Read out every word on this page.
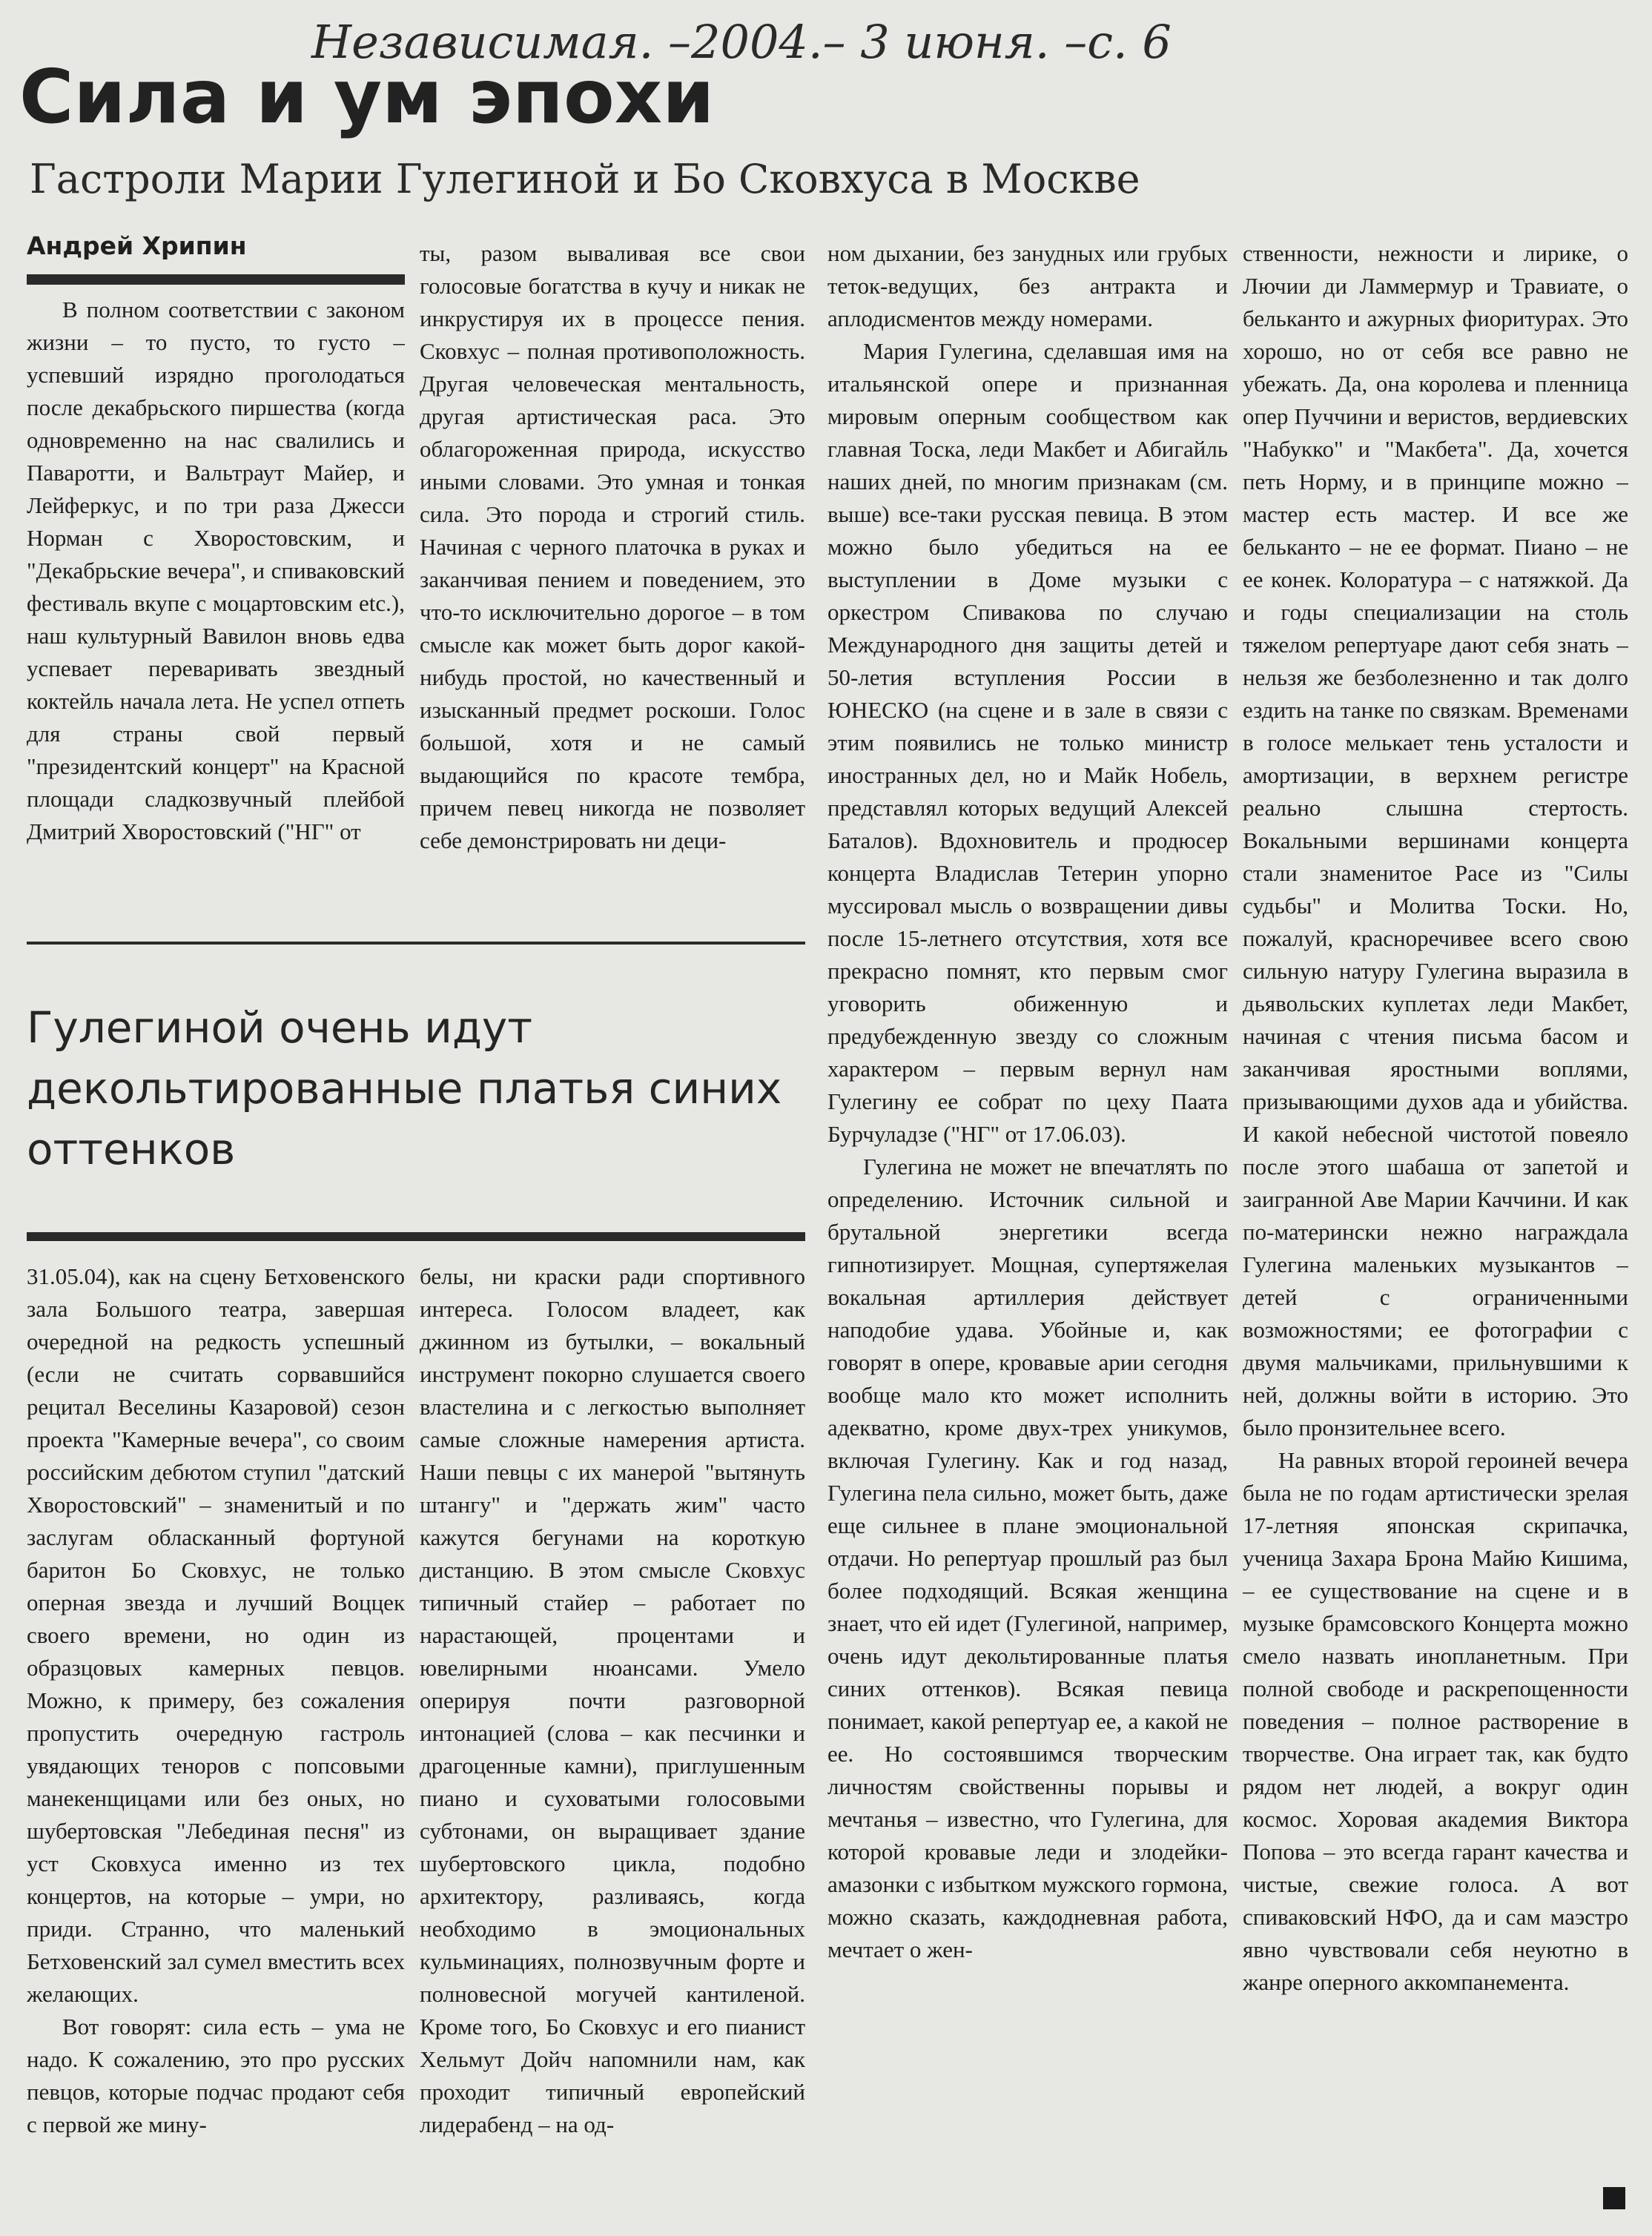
Независимая. –2004.– 3 июня. –с. 6
Сила и ум эпохи
Гастроли Марии Гулегиной и Бо Сковхуса в Москве
Андрей Хрипин

В полном соответствии с законом жизни – то пусто, то густо – успевший изрядно проголодаться после декабрьского пиршества (когда одновременно на нас свалились и Паваротти, и Вальтраут Майер, и Лейферкус, и по три раза Джесси Норман с Хворостовским, и "Декабрьские вечера", и спиваковский фестиваль вкупе с моцартовским etc.), наш культурный Вавилон вновь едва успевает переваривать звездный коктейль начала лета. Не успел отпеть для страны свой первый "президентский концерт" на Красной площади сладкозвучный плейбой Дмитрий Хворостовский ("НГ" от

ты, разом вываливая все свои голосовые богатства в кучу и никак не инкрустируя их в процессе пения. Сковхус – полная противоположность. Другая человеческая ментальность, другая артистическая раса. Это облагороженная природа, искусство иными словами. Это умная и тонкая сила. Это порода и строгий стиль. Начиная с черного платочка в руках и заканчивая пением и поведением, это что-то исключительно дорогое – в том смысле как может быть дорог какой-нибудь простой, но качественный и изысканный предмет роскоши. Голос большой, хотя и не самый выдающийся по красоте тембра, причем певец никогда не позволяет себе демонстрировать ни деци-

Гулегиной очень идут декольтированные платья синих оттенков

31.05.04), как на сцену Бетховенского зала Большого театра, завершая очередной на редкость успешный (если не считать сорвавшийся рецитал Веселины Казаровой) сезон проекта "Камерные вечера", со своим российским дебютом ступил "датский Хворостовский" – знаменитый и по заслугам обласканный фортуной баритон Бо Сковхус, не только оперная звезда и лучший Воццек своего времени, но один из образцовых камерных певцов. Можно, к примеру, без сожаления пропустить очередную гастроль увядающих теноров с попсовыми манекенщицами или без оных, но шубертовская "Лебединая песня" из уст Сковхуса именно из тех концертов, на которые – умри, но приди. Странно, что маленький Бетховенский зал сумел вместить всех желающих.

Вот говорят: сила есть – ума не надо. К сожалению, это про русских певцов, которые подчас продают себя с первой же мину-

белы, ни краски ради спортивного интереса. Голосом владеет, как джинном из бутылки, – вокальный инструмент покорно слушается своего властелина и с легкостью выполняет самые сложные намерения артиста. Наши певцы с их манерой "вытянуть штангу" и "держать жим" часто кажутся бегунами на короткую дистанцию. В этом смысле Сковхус типичный стайер – работает по нарастающей, процентами и ювелирными нюансами. Умело оперируя почти разговорной интонацией (слова – как песчинки и драгоценные камни), приглушенным пиано и суховатыми голосовыми субтонами, он выращивает здание шубертовского цикла, подобно архитектору, разливаясь, когда необходимо в эмоциональных кульминациях, полнозвучным форте и полновесной могучей кантиленой. Кроме того, Бо Сковхус и его пианист Хельмут Дойч напомнили нам, как проходит типичный европейский лидерабенд – на од-

ном дыхании, без занудных или грубых теток-ведущих, без антракта и аплодисментов между номерами.

Мария Гулегина, сделавшая имя на итальянской опере и признанная мировым оперным сообществом как главная Тоска, леди Макбет и Абигайль наших дней, по многим признакам (см. выше) все-таки русская певица. В этом можно было убедиться на ее выступлении в Доме музыки с оркестром Спивакова по случаю Международного дня защиты детей и 50-летия вступления России в ЮНЕСКО (на сцене и в зале в связи с этим появились не только министр иностранных дел, но и Майк Нобель, представлял которых ведущий Алексей Баталов). Вдохновитель и продюсер концерта Владислав Тетерин упорно муссировал мысль о возвращении дивы после 15-летнего отсутствия, хотя все прекрасно помнят, кто первым смог уговорить обиженную и предубежденную звезду со сложным характером – первым вернул нам Гулегину ее собрат по цеху Паата Бурчуладзе ("НГ" от 17.06.03).

Гулегина не может не впечатлять по определению. Источник сильной и брутальной энергетики всегда гипнотизирует. Мощная, супертяжелая вокальная артиллерия действует наподобие удава. Убойные и, как говорят в опере, кровавые арии сегодня вообще мало кто может исполнить адекватно, кроме двух-трех уникумов, включая Гулегину. Как и год назад, Гулегина пела сильно, может быть, даже еще сильнее в плане эмоциональной отдачи. Но репертуар прошлый раз был более подходящий. Всякая женщина знает, что ей идет (Гулегиной, например, очень идут декольтированные платья синих оттенков). Всякая певица понимает, какой репертуар ее, а какой не ее. Но состоявшимся творческим личностям свойственны порывы и мечтанья – известно, что Гулегина, для которой кровавые леди и злодейки-амазонки с избытком мужского гормона, можно сказать, каждодневная работа, мечтает о жен-

ственности, нежности и лирике, о Лючии ди Ламмермур и Травиате, о бельканто и ажурных фиоритурах. Это хорошо, но от себя все равно не убежать. Да, она королева и пленница опер Пуччини и веристов, вердиевских "Набукко" и "Макбета". Да, хочется петь Норму, и в принципе можно – мастер есть мастер. И все же бельканто – не ее формат. Пиано – не ее конек. Колоратура – с натяжкой. Да и годы специализации на столь тяжелом репертуаре дают себя знать – нельзя же безболезненно и так долго ездить на танке по связкам. Временами в голосе мелькает тень усталости и амортизации, в верхнем регистре реально слышна стертость. Вокальными вершинами концерта стали знаменитое Расе из "Силы судьбы" и Молитва Тоски. Но, пожалуй, красноречивее всего свою сильную натуру Гулегина выразила в дьявольских куплетах леди Макбет, начиная с чтения письма басом и заканчивая яростными воплями, призывающими духов ада и убийства. И какой небесной чистотой повеяло после этого шабаша от запетой и заигранной Аве Марии Каччини. И как по-матерински нежно награждала Гулегина маленьких музыкантов – детей с ограниченными возможностями; ее фотографии с двумя мальчиками, прильнувшими к ней, должны войти в историю. Это было пронзительнее всего.

На равных второй героиней вечера была не по годам артистически зрелая 17-летняя японская скрипачка, ученица Захара Брона Майю Кишима, – ее существование на сцене и в музыке брамсовского Концерта можно смело назвать инопланетным. При полной свободе и раскрепощенности поведения – полное растворение в творчестве. Она играет так, как будто рядом нет людей, а вокруг один космос. Хоровая академия Виктора Попова – это всегда гарант качества и чистые, свежие голоса. А вот спиваковский НФО, да и сам маэстро явно чувствовали себя неуютно в жанре оперного аккомпанемента.
